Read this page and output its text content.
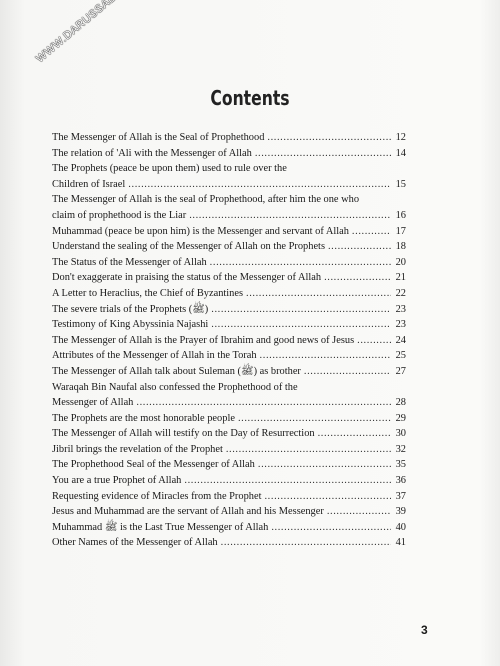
Contents
The Messenger of Allah is the Seal of Prophethood .....	12
The relation of 'Ali with the Messenger of Allah .....	14
The Prophets (peace be upon them) used to rule over the
Children of Israel .....	15
The Messenger of Allah is the seal of Prophethood, after him the one who
claim of prophethood is the Liar .....	16
Muhammad (peace be upon him) is the Messenger and servant of Allah .....	17
Understand the sealing of the Messenger of Allah on the Prophets .....	18
The Status of the Messenger of Allah .....	20
Don't exaggerate in praising the status of the Messenger of Allah .....	21
A Letter to Heraclius, the Chief of Byzantines .....	22
The severe trials of the Prophets (ﷺ) .....	23
Testimony of King Abyssinia Najashi .....	23
The Messenger of Allah is the Prayer of Ibrahim and good news of Jesus .....	24
Attributes of the Messenger of Allah in the Torah .....	25
The Messenger of Allah talk about Suleman (ﷺ) as brother .....	27
Waraqah Bin Naufal also confessed the Prophethood of the
Messenger of Allah .....	28
The Prophets are the most honorable people .....	29
The Messenger of Allah will testify on the Day of Resurrection .....	30
Jibril brings the revelation of the Prophet .....	32
The Prophethood Seal of the Messenger of Allah .....	35
You are a true Prophet of Allah .....	36
Requesting evidence of Miracles from the Prophet .....	37
Jesus and Muhammad are the servant of Allah and his Messenger .....	39
Muhammad ﷺ is the Last True Messenger of Allah .....	40
Other Names of the Messenger of Allah .....	41
3
